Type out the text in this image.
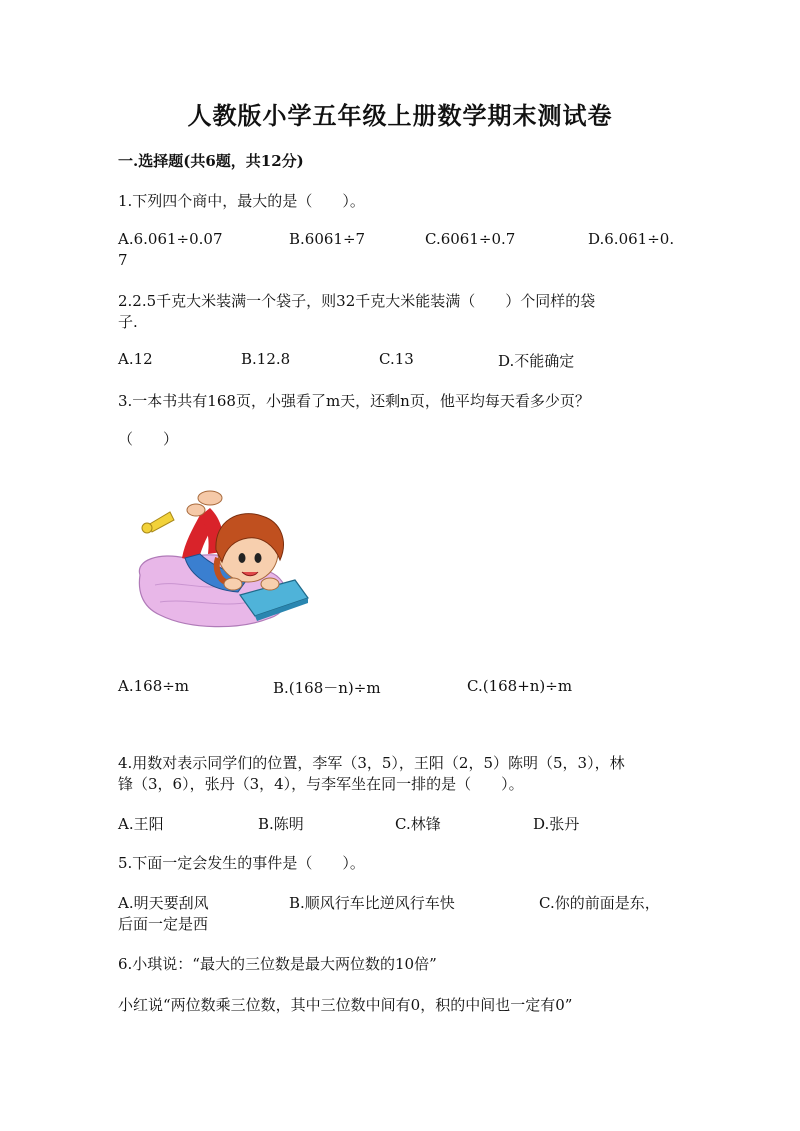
人教版小学五年级上册数学期末测试卷
一.选择题(共6题，共12分)
1.下列四个商中，最大的是（　　）。
A.6.061÷0.07	B.6061÷7	C.6061÷0.7	D.6.061÷0.
7
2.2.5千克大米装满一个袋子，则32千克大米能装满（　　）个同样的袋
子.
A.12	B.12.8	C.13	D.不能确定
3.一本书共有168页，小强看了m天，还剩n页，他平均每天看多少页？
（　　）
A.168÷m	B.(168－n)÷m	C.(168+n)÷m
4.用数对表示同学们的位置，李军（3，5），王阳（2，5）陈明（5，3），林
锋（3，6），张丹（3，4），与李军坐在同一排的是（　　）。
A.王阳	B.陈明	C.林锋	D.张丹
5.下面一定会发生的事件是（　　）。
A.明天要刮风	B.顺风行车比逆风行车快	C.你的前面是东，
后面一定是西
6.小琪说：“最大的三位数是最大两位数的10倍”
小红说“两位数乘三位数，其中三位数中间有0，积的中间也一定有0”
